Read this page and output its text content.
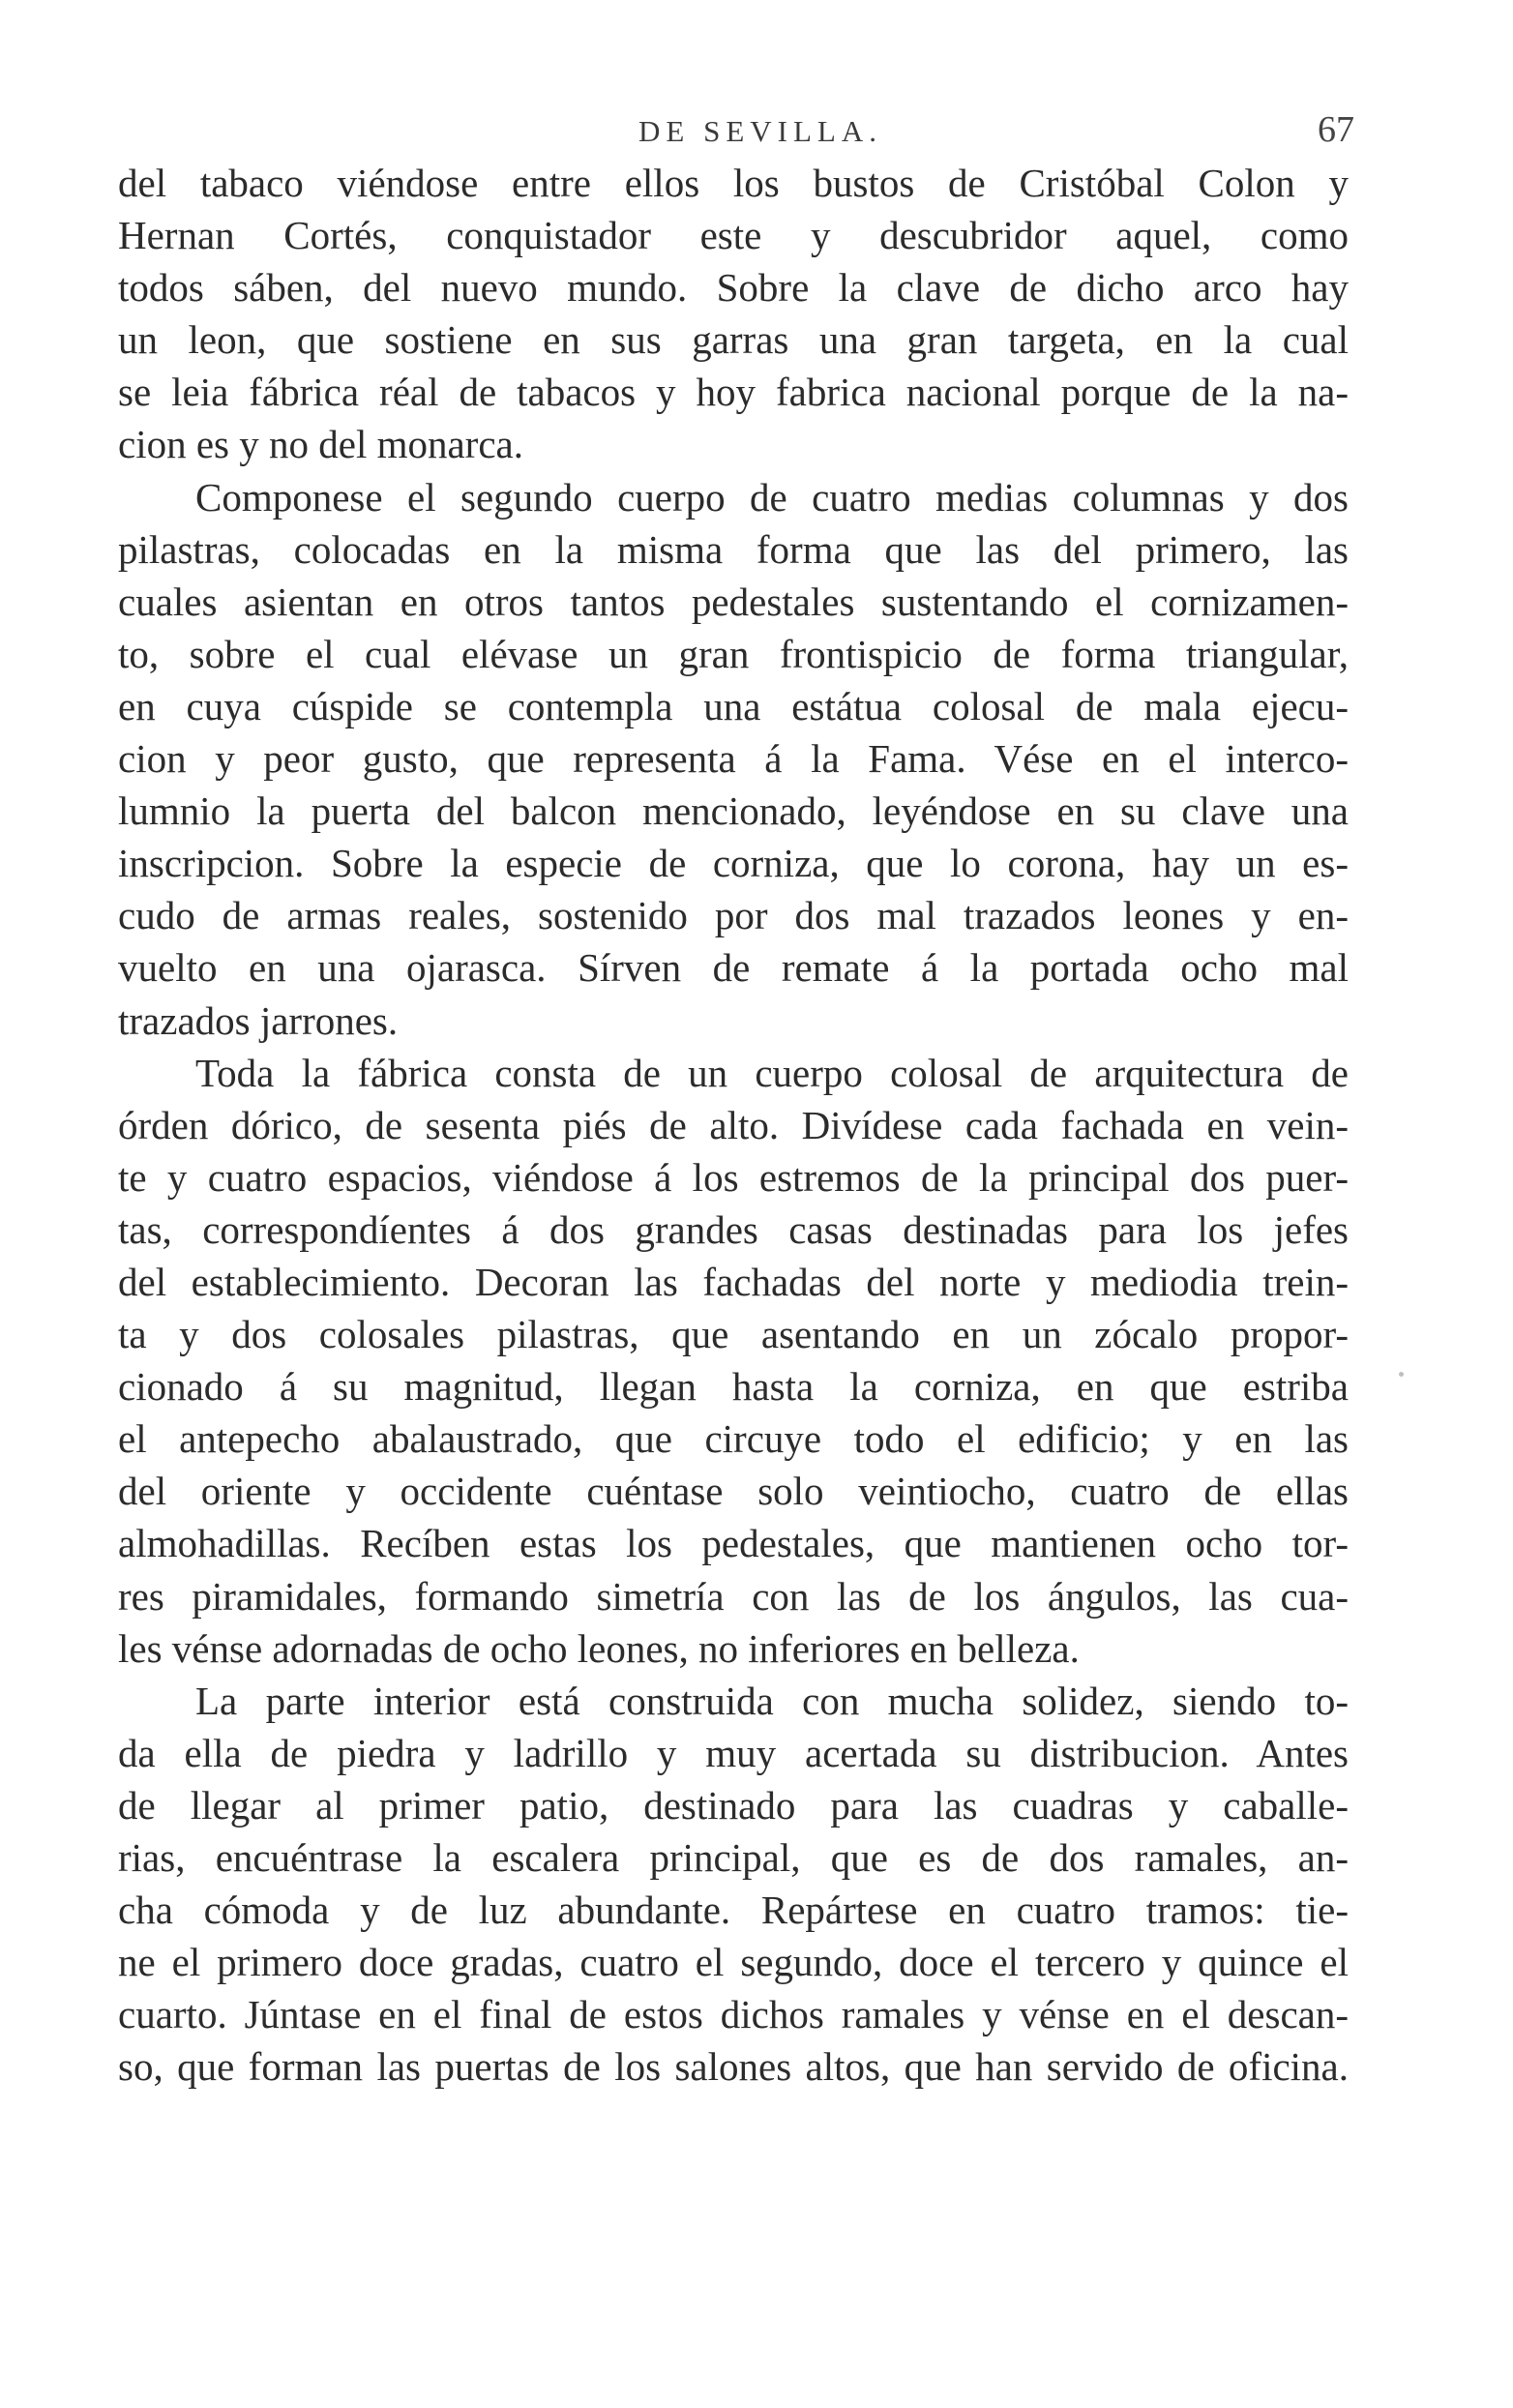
DE SEVILLA.	67
del tabaco viéndose entre ellos los bustos de Cristóbal Colon y
Hernan Cortés, conquistador este y descubridor aquel, como
todos sáben, del nuevo mundo. Sobre la clave de dicho arco hay
un leon, que sostiene en sus garras una gran targeta, en la cual
se leia fábrica réal de tabacos y hoy fabrica nacional porque de la na-
cion es y no del monarca.
Componese el segundo cuerpo de cuatro medias columnas y dos
pilastras, colocadas en la misma forma que las del primero, las
cuales asientan en otros tantos pedestales sustentando el cornizamen-
to, sobre el cual elévase un gran frontispicio de forma triangular,
en cuya cúspide se contempla una estátua colosal de mala ejecu-
cion y peor gusto, que representa á la Fama. Vése en el interco-
lumnio la puerta del balcon mencionado, leyéndose en su clave una
inscripcion. Sobre la especie de corniza, que lo corona, hay un es-
cudo de armas reales, sostenido por dos mal trazados leones y en-
vuelto en una ojarasca. Sírven de remate á la portada ocho mal
trazados jarrones.
Toda la fábrica consta de un cuerpo colosal de arquitectura de
órden dórico, de sesenta piés de alto. Divídese cada fachada en vein-
te y cuatro espacios, viéndose á los estremos de la principal dos puer-
tas, correspondíentes á dos grandes casas destinadas para los jefes
del establecimiento. Decoran las fachadas del norte y mediodia trein-
ta y dos colosales pilastras, que asentando en un zócalo propor-
cionado á su magnitud, llegan hasta la corniza, en que estriba
el antepecho abalaustrado, que circuye todo el edificio; y en las
del oriente y occidente cuéntase solo veintiocho, cuatro de ellas
almohadillas. Recíben estas los pedestales, que mantienen ocho tor-
res piramidales, formando simetría con las de los ángulos, las cua-
les vénse adornadas de ocho leones, no inferiores en belleza.
La parte interior está construida con mucha solidez, siendo to-
da ella de piedra y ladrillo y muy acertada su distribucion. Antes
de llegar al primer patio, destinado para las cuadras y caballe-
rias, encuéntrase la escalera principal, que es de dos ramales, an-
cha cómoda y de luz abundante. Repártese en cuatro tramos: tie-
ne el primero doce gradas, cuatro el segundo, doce el tercero y quince el
cuarto. Júntase en el final de estos dichos ramales y vénse en el descan-
so, que forman las puertas de los salones altos, que han servido de oficina.
